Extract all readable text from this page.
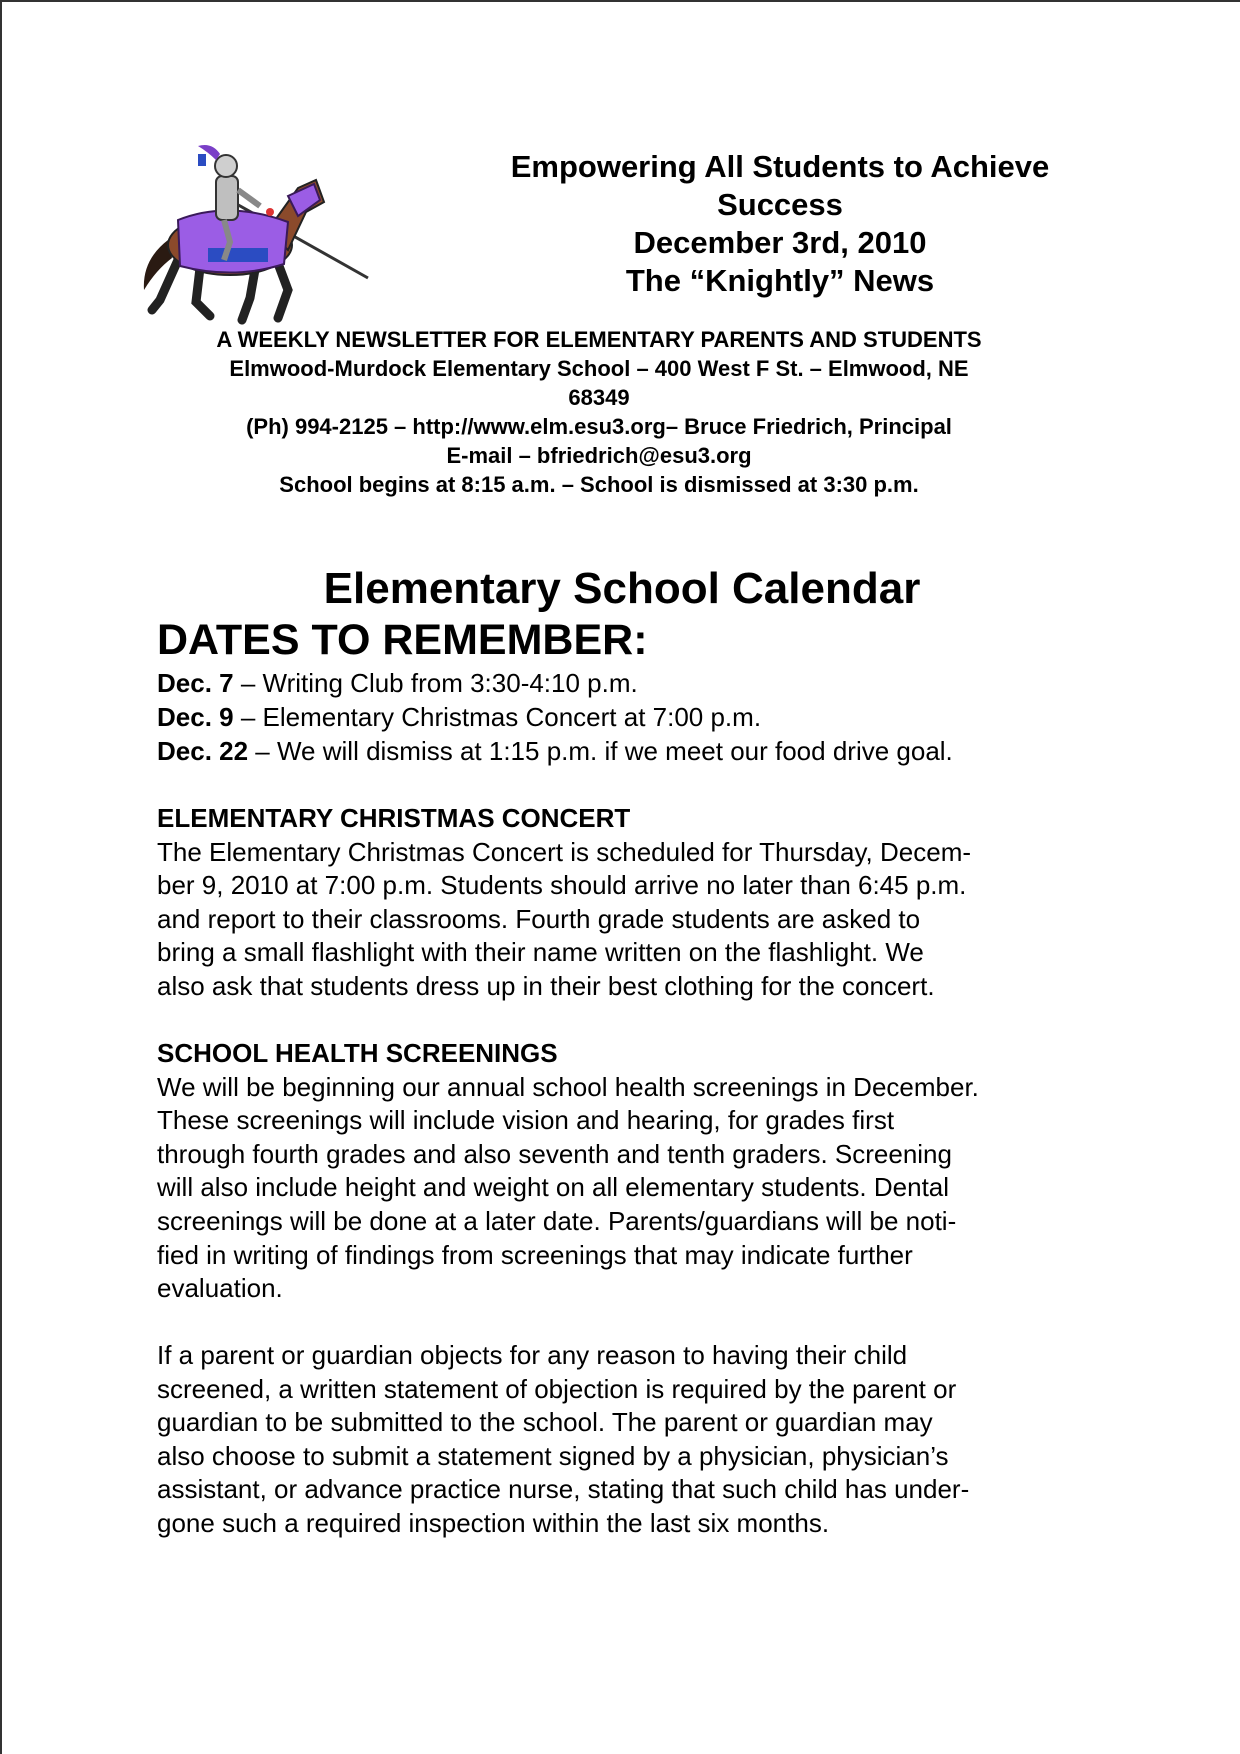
Empowering All Students to Achieve
Success
December 3rd, 2010
The “Knightly” News
A WEEKLY NEWSLETTER FOR ELEMENTARY PARENTS AND STUDENTS
Elmwood-Murdock Elementary School – 400 West F St. – Elmwood, NE
68349
(Ph) 994-2125 – http://www.elm.esu3.org– Bruce Friedrich, Principal
E-mail – bfriedrich@esu3.org
School begins at 8:15 a.m. – School is dismissed at 3:30 p.m.
Elementary School Calendar
DATES TO REMEMBER:
Dec. 7 – Writing Club from 3:30-4:10 p.m.
Dec. 9 – Elementary Christmas Concert at 7:00 p.m.
Dec. 22 – We will dismiss at 1:15 p.m. if we meet our food drive goal.
ELEMENTARY CHRISTMAS CONCERT
The Elementary Christmas Concert is scheduled for Thursday, Decem-
ber 9, 2010 at 7:00 p.m. Students should arrive no later than 6:45 p.m.
and report to their classrooms. Fourth grade students are asked to
bring a small flashlight with their name written on the flashlight. We
also ask that students dress up in their best clothing for the concert.
SCHOOL HEALTH SCREENINGS
We will be beginning our annual school health screenings in December.
These screenings will include vision and hearing, for grades first
through fourth grades and also seventh and tenth graders. Screening
will also include height and weight on all elementary students. Dental
screenings will be done at a later date. Parents/guardians will be noti-
fied in writing of findings from screenings that may indicate further
evaluation.
If a parent or guardian objects for any reason to having their child
screened, a written statement of objection is required by the parent or
guardian to be submitted to the school. The parent or guardian may
also choose to submit a statement signed by a physician, physician’s
assistant, or advance practice nurse, stating that such child has under-
gone such a required inspection within the last six months.
